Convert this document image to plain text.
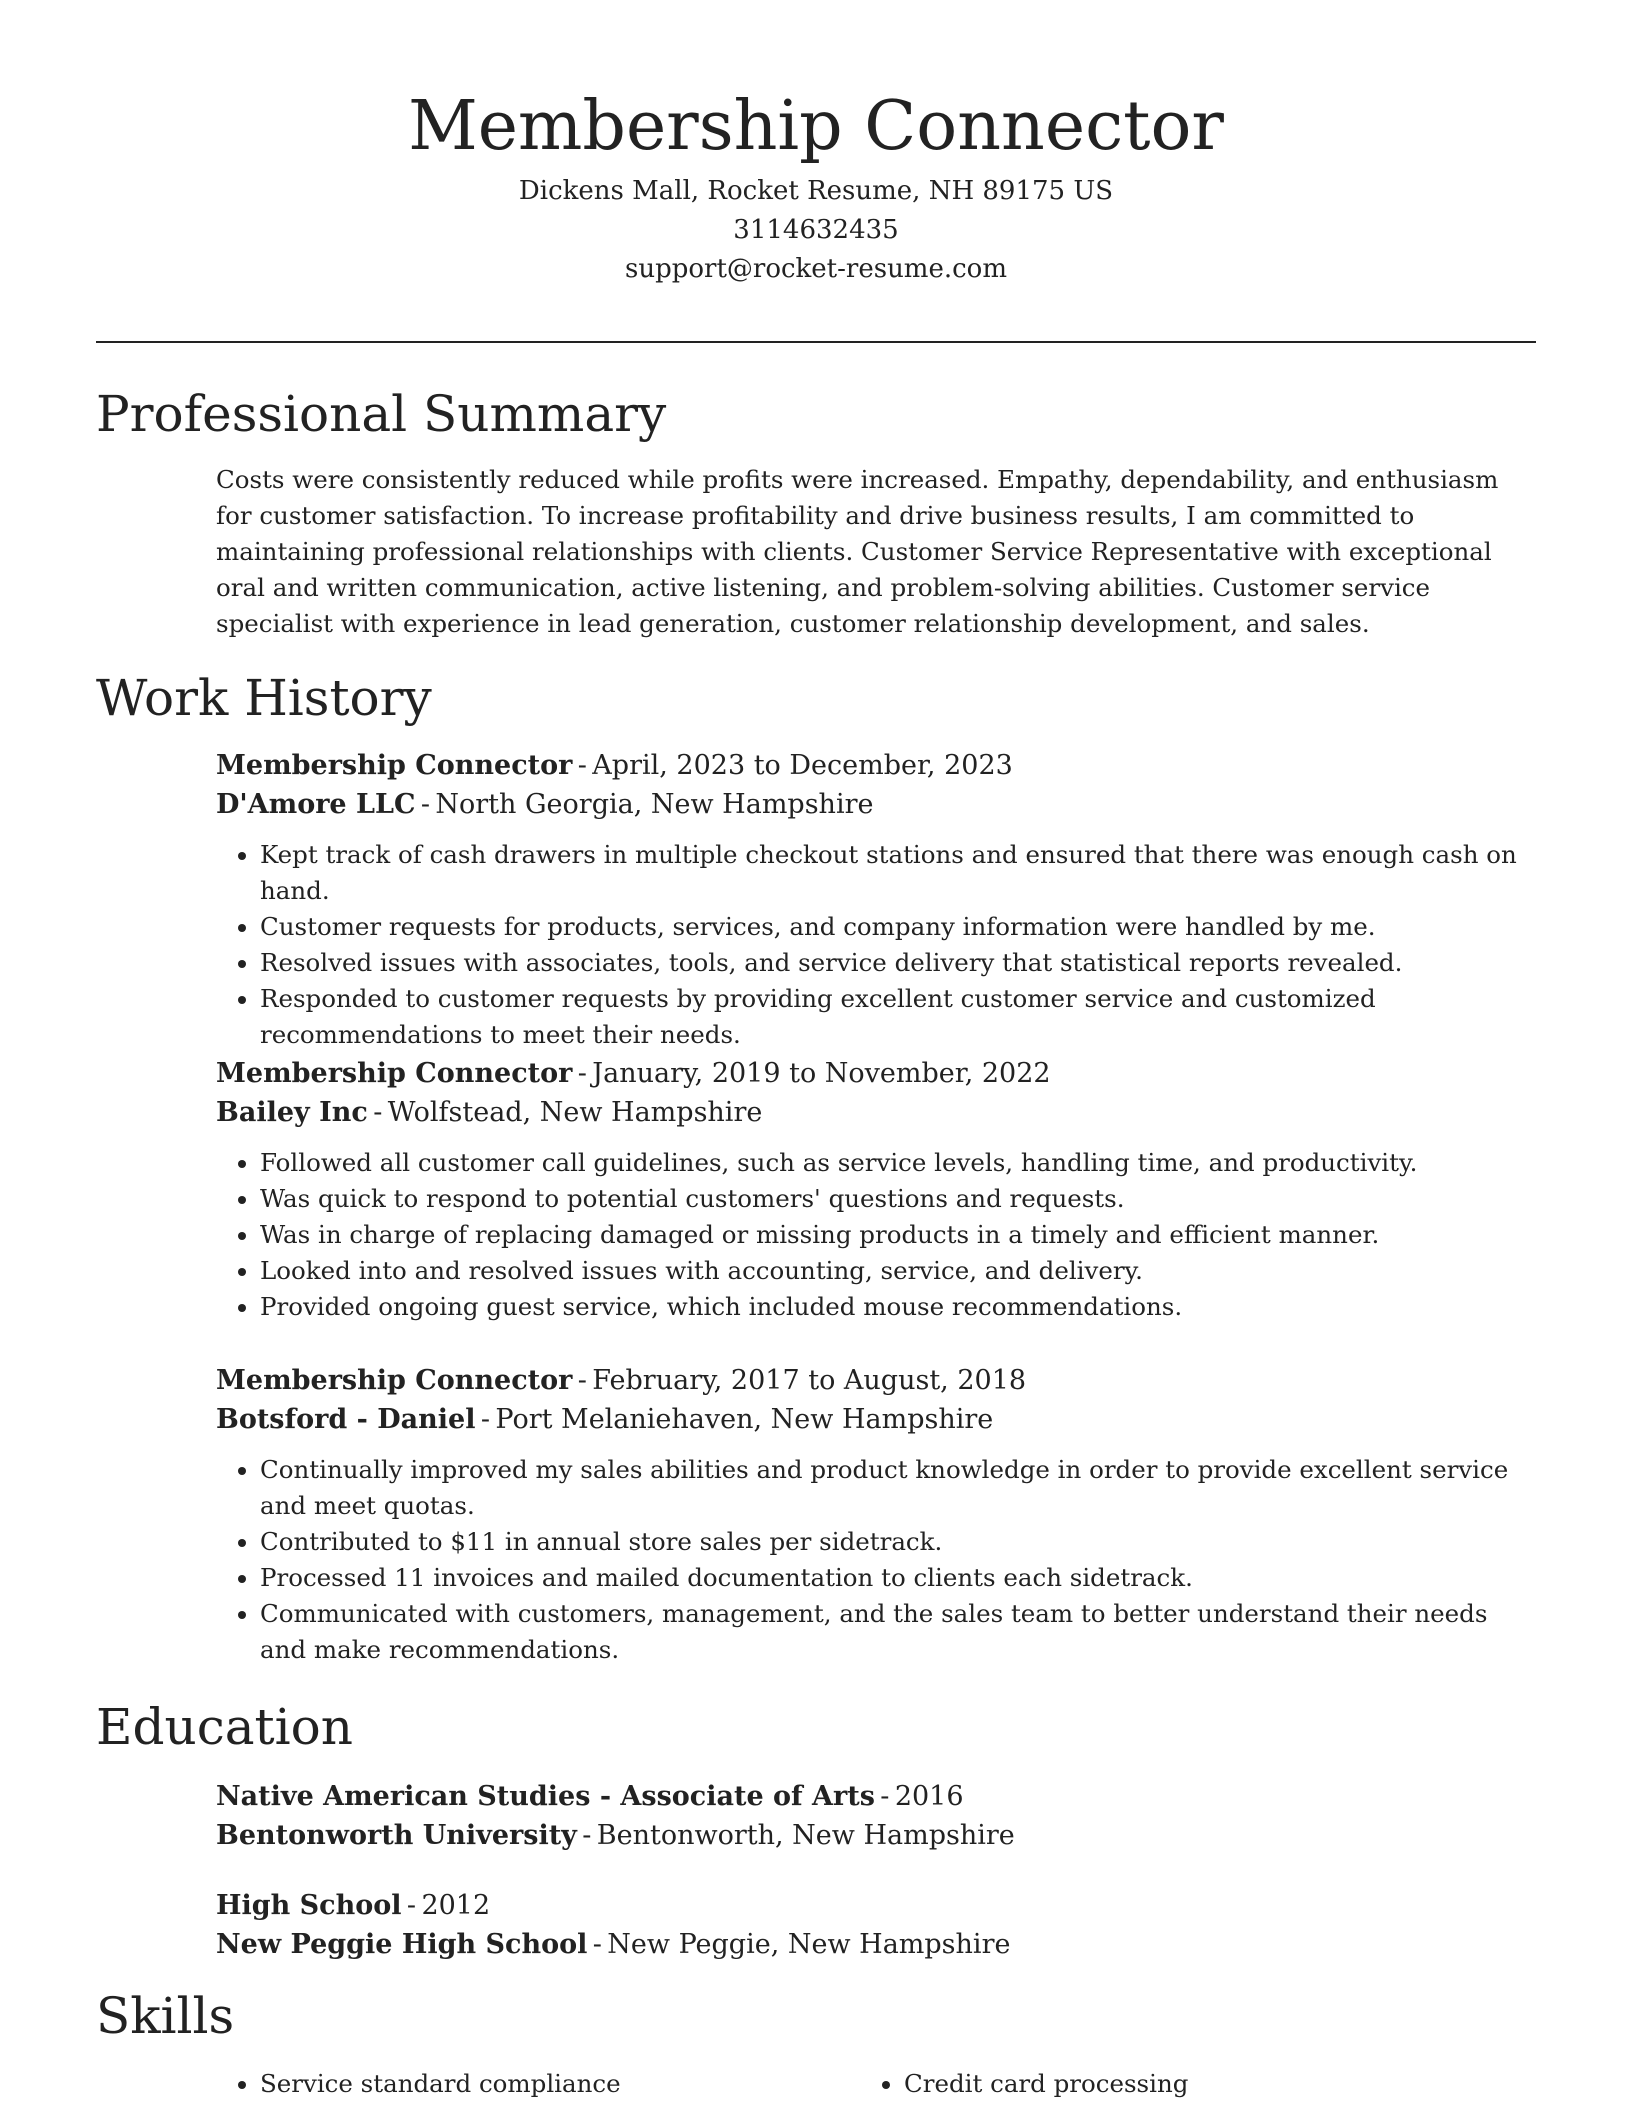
Membership Connector
Dickens Mall, Rocket Resume, NH 89175 US
3114632435
support@rocket-resume.com
Professional Summary

Costs were consistently reduced while profits were increased. Empathy, dependability, and enthusiasm for customer satisfaction. To increase profitability and drive business results, I am committed to maintaining professional relationships with clients. Customer Service Representative with exceptional oral and written communication, active listening, and problem-solving abilities. Customer service specialist with experience in lead generation, customer relationship development, and sales.

Work History

Membership Connector - April, 2023 to December, 2023

D'Amore LLC - North Georgia, New Hampshire

• Kept track of cash drawers in multiple checkout stations and ensured that there was enough cash on hand.
• Customer requests for products, services, and company information were handled by me.
• Resolved issues with associates, tools, and service delivery that statistical reports revealed.
• Responded to customer requests by providing excellent customer service and customized recommendations to meet their needs.

Membership Connector - January, 2019 to November, 2022

Bailey Inc - Wolfstead, New Hampshire

• Followed all customer call guidelines, such as service levels, handling time, and productivity.
• Was quick to respond to potential customers' questions and requests.
• Was in charge of replacing damaged or missing products in a timely and efficient manner.
• Looked into and resolved issues with accounting, service, and delivery.
• Provided ongoing guest service, which included mouse recommendations.

Membership Connector - February, 2017 to August, 2018

Botsford - Daniel - Port Melaniehaven, New Hampshire

• Continually improved my sales abilities and product knowledge in order to provide excellent service and meet quotas.
• Contributed to $11 in annual store sales per sidetrack.
• Processed 11 invoices and mailed documentation to clients each sidetrack.
• Communicated with customers, management, and the sales team to better understand their needs and make recommendations.
Education

Native American Studies - Associate of Arts - 2016

Bentonworth University - Bentonworth, New Hampshire

High School - 2012

New Peggie High School - New Peggie, New Hampshire

Skills
• Service standard compliance
•	Credit card processing
